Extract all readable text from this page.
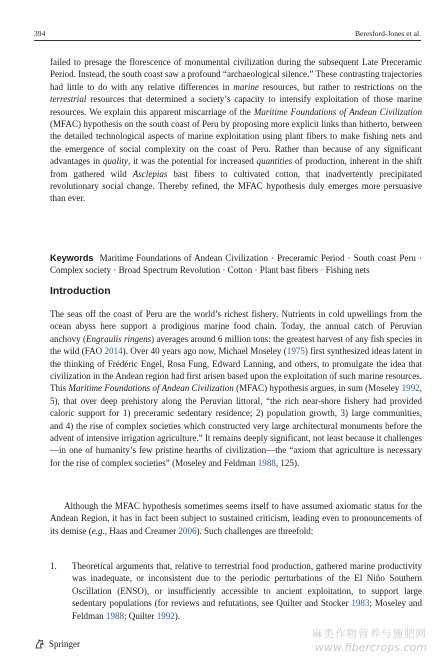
394	Beresford-Jones et al.

failed to presage the florescence of monumental civilization during the subsequent Late Preceramic Period. Instead, the south coast saw a profound “archaeological silence.” These contrasting trajectories had little to do with any relative differences in marine resources, but rather to restrictions on the terrestrial resources that determined a society’s capacity to intensify exploitation of those marine resources. We explain this apparent miscarriage of the Maritime Foundations of Andean Civilization (MFAC) hypothesis on the south coast of Peru by proposing more explicit links than hitherto, between the detailed technological aspects of marine exploitation using plant fibers to make fishing nets and the emergence of social complexity on the coast of Peru. Rather than because of any significant advantages in quality, it was the potential for increased quantities of production, inherent in the shift from gathered wild Asclepias bast fibers to cultivated cotton, that inadvertently precipitated revolutionary social change. Thereby refined, the MFAC hypothesis duly emerges more persuasive than ever.

Keywords Maritime Foundations of Andean Civilization · Preceramic Period · South coast Peru · Complex society · Broad Spectrum Revolution · Cotton · Plant bast fibers · Fishing nets

Introduction

The seas off the coast of Peru are the world’s richest fishery. Nutrients in cold upwellings from the ocean abyss here support a prodigious marine food chain. Today, the annual catch of Peruvian anchovy (Engraulis ringens) averages around 6 million tons: the greatest harvest of any fish species in the wild (FAO 2014). Over 40 years ago now, Michael Moseley (1975) first synthesized ideas latent in the thinking of Frédéric Engel, Rosa Fung, Edward Lanning, and others, to promulgate the idea that civilization in the Andean region had first arisen based upon the exploitation of such marine resources. This Maritime Foundations of Andean Civilization (MFAC) hypothesis argues, in sum (Moseley 1992, 5), that over deep prehistory along the Peruvian littoral, “the rich near-shore fishery had provided caloric support for 1) preceramic sedentary residence; 2) population growth, 3) large communities, and 4) the rise of complex societies which constructed very large architectural monuments before the advent of intensive irrigation agriculture.” It remains deeply significant, not least because it challenges—in one of humanity’s few pristine hearths of civilization—the “axiom that agriculture is necessary for the rise of complex societies” (Moseley and Feldman 1988, 125).

Although the MFAC hypothesis sometimes seems itself to have assumed axiomatic status for the Andean Region, it has in fact been subject to sustained criticism, leading even to pronouncements of its demise (e.g., Haas and Creamer 2006). Such challenges are threefold:

1.	Theoretical arguments that, relative to terrestrial food production, gathered marine productivity was inadequate, or inconsistent due to the periodic perturbations of the El Niño Southern Oscillation (ENSO), or insufficiently accessible to ancient exploitation, to support large sedentary populations (for reviews and refutations, see Quilter and Stocker 1983; Moseley and Feldman 1988; Quilter 1992).
Springer
麻类作物营养与施肥网
www.fibercrops.com
